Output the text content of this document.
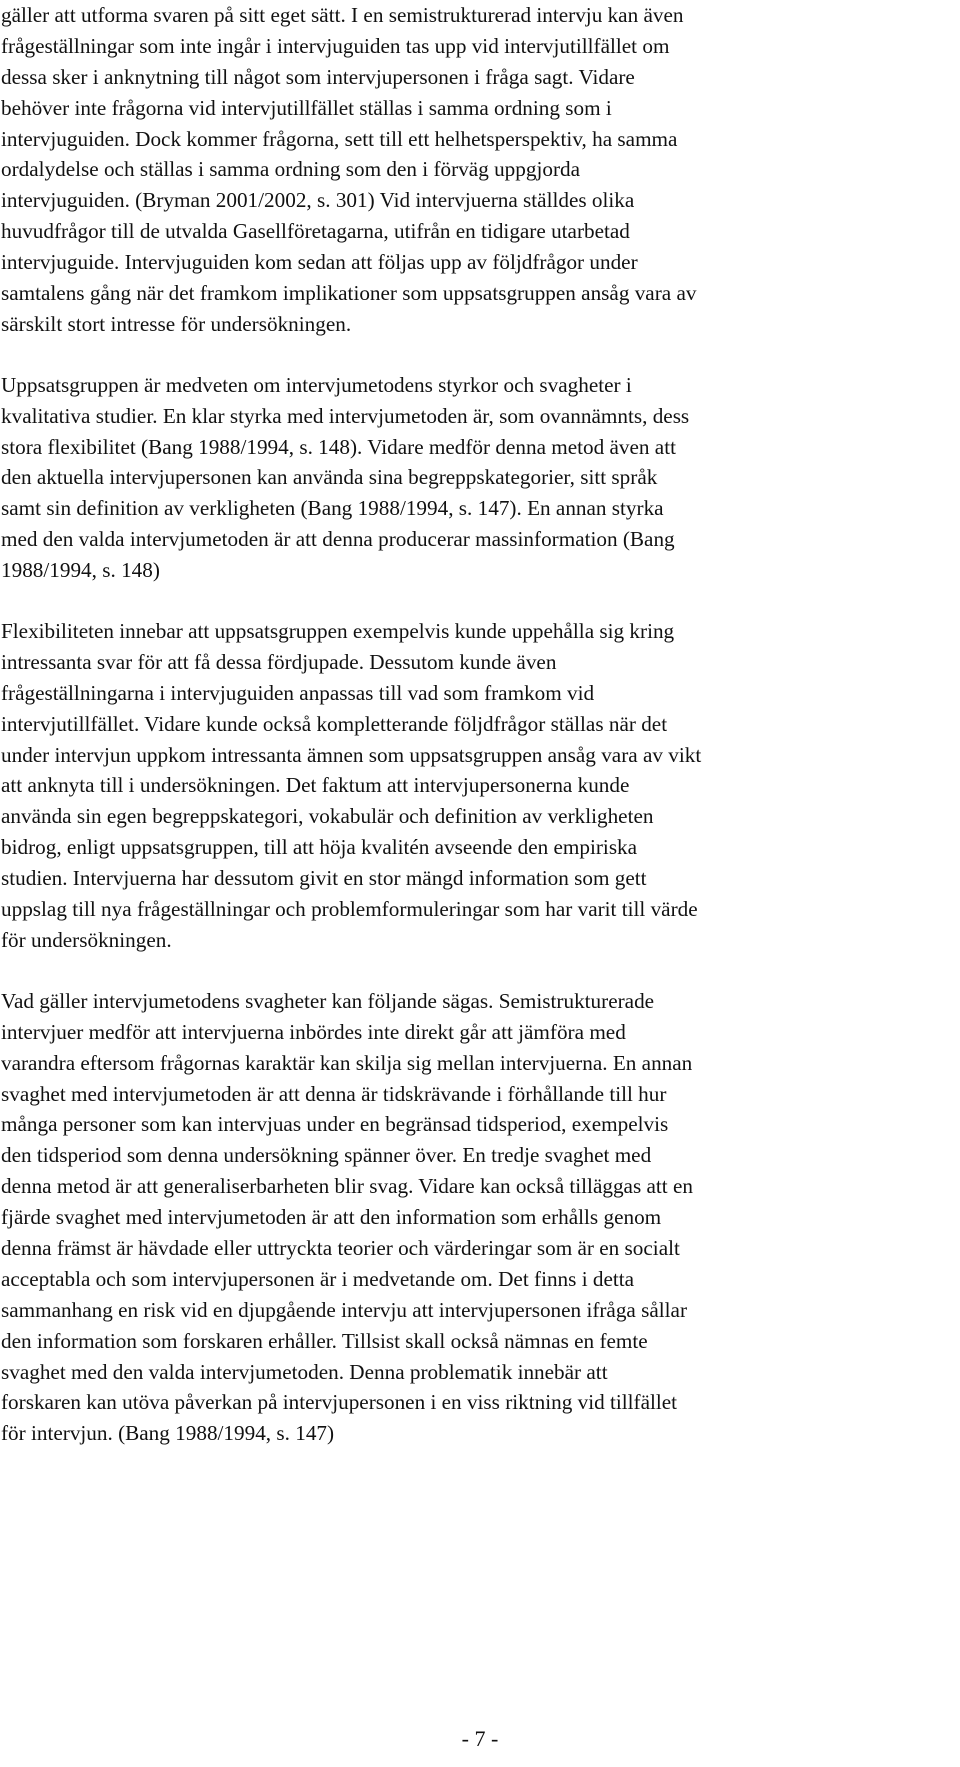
gäller att utforma svaren på sitt eget sätt. I en semistrukturerad intervju kan även
frågeställningar som inte ingår i intervjuguiden tas upp vid intervjutillfället om
dessa sker i anknytning till något som intervjupersonen i fråga sagt. Vidare
behöver inte frågorna vid intervjutillfället ställas i samma ordning som i
intervjuguiden. Dock kommer frågorna, sett till ett helhetsperspektiv, ha samma
ordalydelse och ställas i samma ordning som den i förväg uppgjorda
intervjuguiden. (Bryman 2001/2002, s. 301) Vid intervjuerna ställdes olika
huvudfrågor till de utvalda Gasellföretagarna, utifrån en tidigare utarbetad
intervjuguide. Intervjuguiden kom sedan att följas upp av följdfrågor under
samtalens gång när det framkom implikationer som uppsatsgruppen ansåg vara av
särskilt stort intresse för undersökningen.

Uppsatsgruppen är medveten om intervjumetodens styrkor och svagheter i
kvalitativa studier. En klar styrka med intervjumetoden är, som ovannämnts, dess
stora flexibilitet (Bang 1988/1994, s. 148). Vidare medför denna metod även att
den aktuella intervjupersonen kan använda sina begreppskategorier, sitt språk
samt sin definition av verkligheten (Bang 1988/1994, s. 147). En annan styrka
med den valda intervjumetoden är att denna producerar massinformation (Bang
1988/1994, s. 148)

Flexibiliteten innebar att uppsatsgruppen exempelvis kunde uppehålla sig kring
intressanta svar för att få dessa fördjupade. Dessutom kunde även
frågeställningarna i intervjuguiden anpassas till vad som framkom vid
intervjutillfället. Vidare kunde också kompletterande följdfrågor ställas när det
under intervjun uppkom intressanta ämnen som uppsatsgruppen ansåg vara av vikt
att anknyta till i undersökningen. Det faktum att intervjupersonerna kunde
använda sin egen begreppskategori, vokabulär och definition av verkligheten
bidrog, enligt uppsatsgruppen, till att höja kvalitén avseende den empiriska
studien. Intervjuerna har dessutom givit en stor mängd information som gett
uppslag till nya frågeställningar och problemformuleringar som har varit till värde
för undersökningen.

Vad gäller intervjumetodens svagheter kan följande sägas. Semistrukturerade
intervjuer medför att intervjuerna inbördes inte direkt går att jämföra med
varandra eftersom frågornas karaktär kan skilja sig mellan intervjuerna. En annan
svaghet med intervjumetoden är att denna är tidskrävande i förhållande till hur
många personer som kan intervjuas under en begränsad tidsperiod, exempelvis
den tidsperiod som denna undersökning spänner över. En tredje svaghet med
denna metod är att generaliserbarheten blir svag. Vidare kan också tilläggas att en
fjärde svaghet med intervjumetoden är att den information som erhålls genom
denna främst är hävdade eller uttryckta teorier och värderingar som är en socialt
acceptabla och som intervjupersonen är i medvetande om. Det finns i detta
sammanhang en risk vid en djupgående intervju att intervjupersonen ifråga sållar
den information som forskaren erhåller. Tillsist skall också nämnas en femte
svaghet med den valda intervjumetoden. Denna problematik innebär att
forskaren kan utöva påverkan på intervjupersonen i en viss riktning vid tillfället
för intervjun. (Bang 1988/1994, s. 147)

- 7 -
